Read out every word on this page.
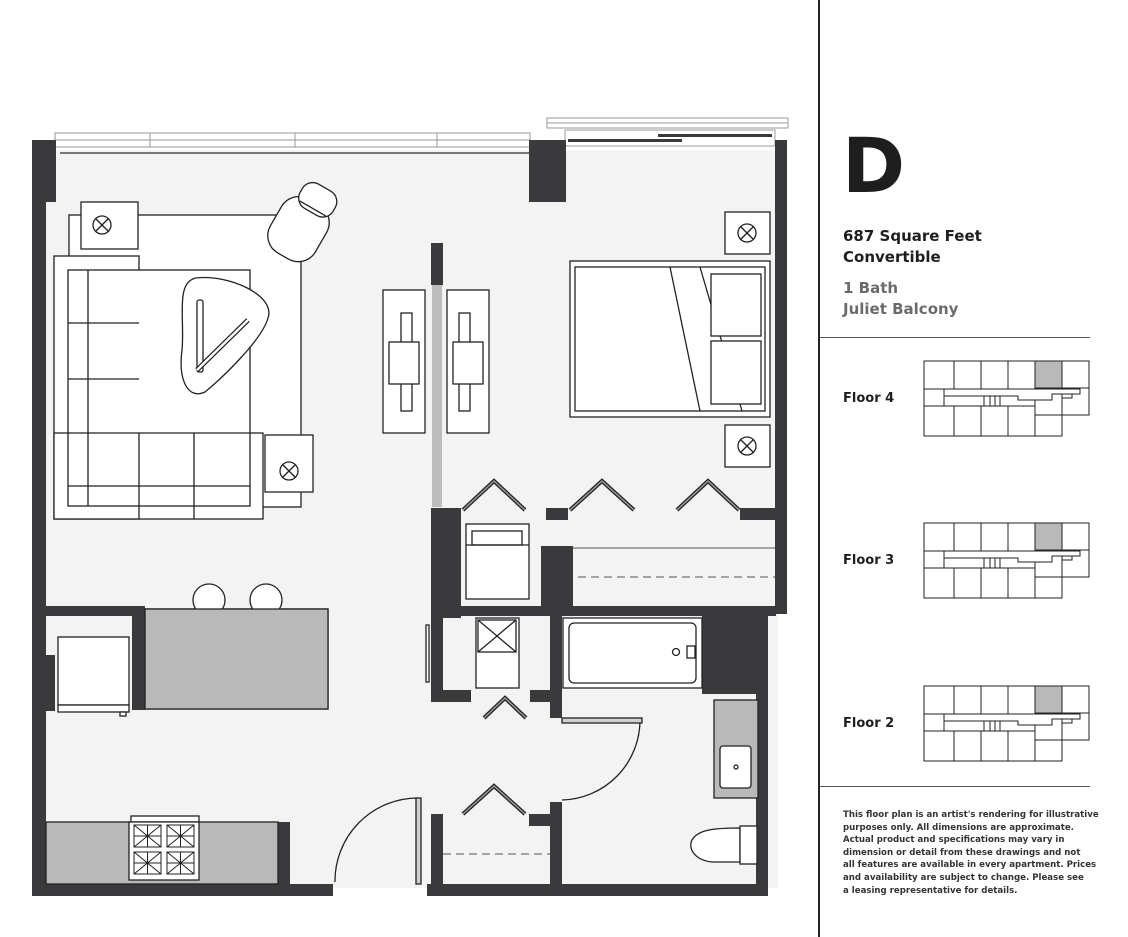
D
687 Square Feet
Convertible
1 Bath
Juliet Balcony
Floor 4
Floor 3
Floor 2
This floor plan is an artist's rendering for illustrative
purposes only. All dimensions are approximate.
Actual product and specifications may vary in
dimension or detail from these drawings and not
all features are available in every apartment. Prices
and availability are subject to change. Please see
a leasing representative for details.
